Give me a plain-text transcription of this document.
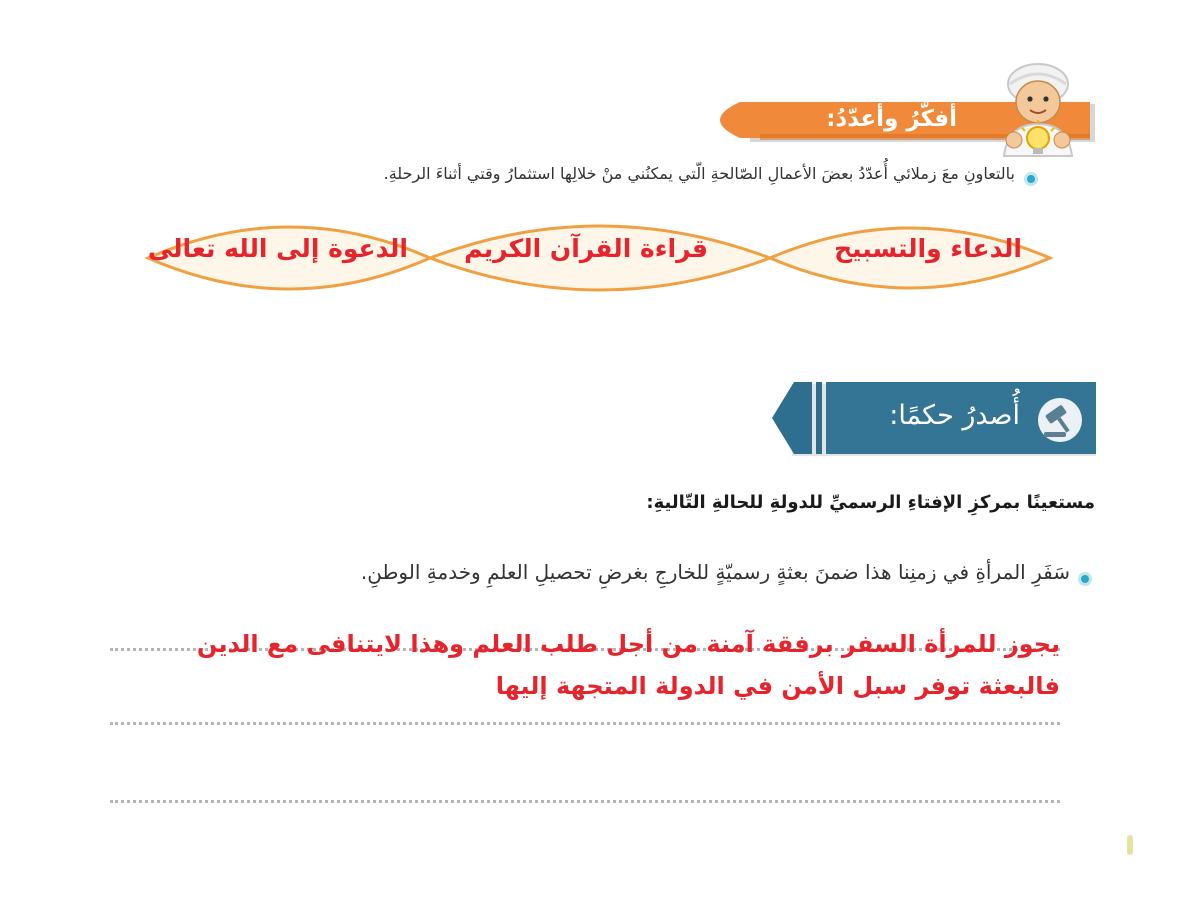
أفكّرُ وأعدّدُ:
بالتعاونِ معَ زملائي أُعدّدُ بعضَ الأعمالِ الصّالحةِ الّتي يمكنُني منْ خلالِها استثمارُ وقتي أثناءَ الرحلةِ.
الدعاء والتسبيح
قراءة القرآن الكريم
الدعوة إلى الله تعالى
أُصدرُ حكمًا:
مستعينًا بمركزِ الإفتاءِ الرسميِّ للدولةِ للحالةِ التّاليةِ:
سَفَرِ المرأةِ في زمنِنا هذا ضمنَ بعثةٍ رسميّةٍ للخارجِ بغرضِ تحصيلِ العلمِ وخدمةِ الوطنِ.
يجوز للمرأة السفر برفقة آمنة من أجل طلب العلم وهذا لايتنافى مع الدين
فالبعثة توفر سبل الأمن في الدولة المتجهة إليها
